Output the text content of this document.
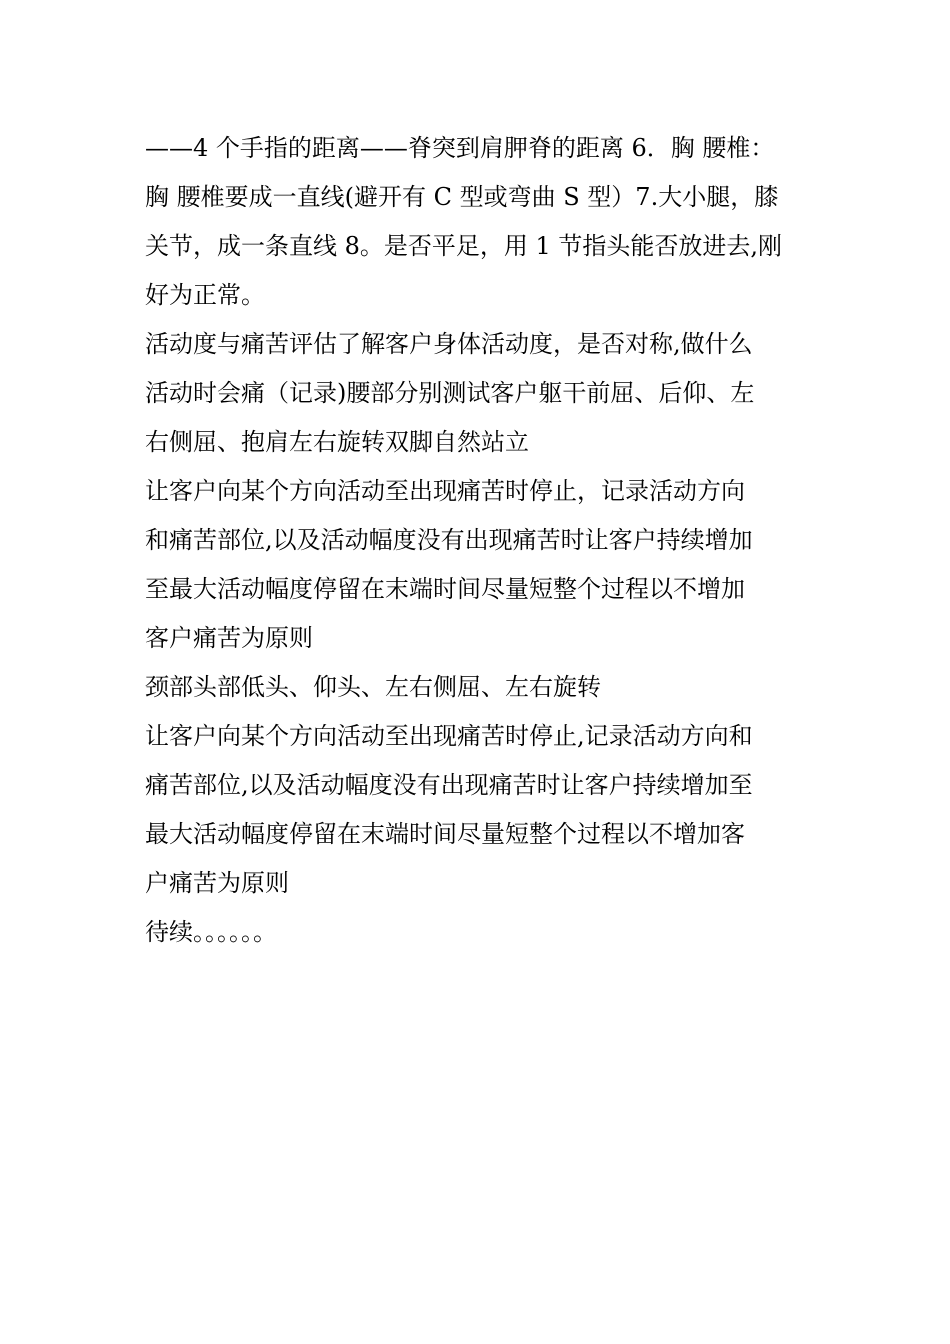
——4 个手指的距离——脊突到肩胛脊的距离 6．胸 腰椎：
胸 腰椎要成一直线(避开有 C 型或弯曲 S 型）7.大小腿，膝
关节，成一条直线 8。是否平足，用 1 节指头能否放进去,刚
好为正常。
活动度与痛苦评估了解客户身体活动度，是否对称,做什么
活动时会痛（记录)腰部分别测试客户躯干前屈、后仰、左
右侧屈、抱肩左右旋转双脚自然站立
让客户向某个方向活动至出现痛苦时停止，记录活动方向
和痛苦部位,以及活动幅度没有出现痛苦时让客户持续增加
至最大活动幅度停留在末端时间尽量短整个过程以不增加
客户痛苦为原则
颈部头部低头、仰头、左右侧屈、左右旋转
让客户向某个方向活动至出现痛苦时停止,记录活动方向和
痛苦部位,以及活动幅度没有出现痛苦时让客户持续增加至
最大活动幅度停留在末端时间尽量短整个过程以不增加客
户痛苦为原则
待续。。。。。。
